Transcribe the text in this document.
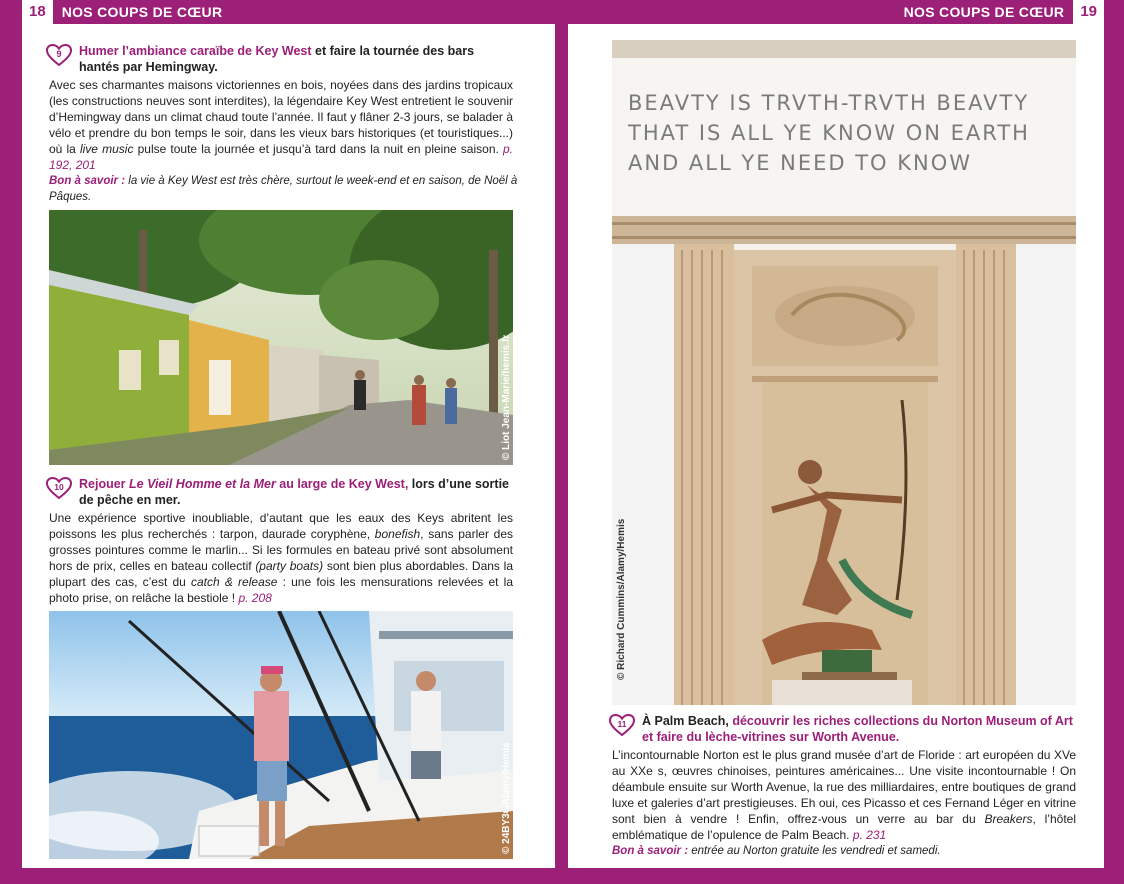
18	NOS COUPS DE CŒUR	NOS COUPS DE CŒUR	19
9 Humer l’ambiance caraïbe de Key West et faire la tournée des bars hantés par Hemingway.
Avec ses charmantes maisons victoriennes en bois, noyées dans des jardins tropicaux (les constructions neuves sont interdites), la légendaire Key West entretient le souvenir d’Hemingway dans un climat chaud toute l’année. Il faut y flâner 2-3 jours, se balader à vélo et prendre du bon temps le soir, dans les vieux bars historiques (et touristiques...) où la live music pulse toute la journée et jusqu’à tard dans la nuit en pleine saison. p. 192, 201
Bon à savoir : la vie à Key West est très chère, surtout le week-end et en saison, de Noël à Pâques.
© Liot Jean-Marie/hemis.fr
10 Rejouer Le Vieil Homme et la Mer au large de Key West, lors d’une sortie de pêche en mer.
Une expérience sportive inoubliable, d’autant que les eaux des Keys abritent les poissons les plus recherchés : tarpon, daurade coryphène, bonefish, sans parler des grosses pointures comme le marlin... Si les formules en bateau privé sont absolument hors de prix, celles en bateau collectif (party boats) sont bien plus abordables. Dans la plupart des cas, c’est du catch & release : une fois les mensurations relevées et la photo prise, on relâche la bestiole ! p. 208
© 24BY36/Alamy/Hemis
BEAVTY IS TRVTH-TRVTH BEAVTY
THAT IS ALL YE KNOW ON EARTH
AND ALL YE NEED TO KNOW
© Richard Cummins/Alamy/Hemis
11 À Palm Beach, découvrir les riches collections du Norton Museum of Art et faire du lèche-vitrines sur Worth Avenue.
L’incontournable Norton est le plus grand musée d’art de Floride : art européen du XVe au XXe s, œuvres chinoises, peintures américaines... Une visite incontournable ! On déambule ensuite sur Worth Avenue, la rue des milliardaires, entre boutiques de grand luxe et galeries d’art prestigieuses. Eh oui, ces Picasso et ces Fernand Léger en vitrine sont bien à vendre ! Enfin, offrez-vous un verre au bar du Breakers, l’hôtel emblématique de l’opulence de Palm Beach. p. 231
Bon à savoir : entrée au Norton gratuite les vendredi et samedi.
